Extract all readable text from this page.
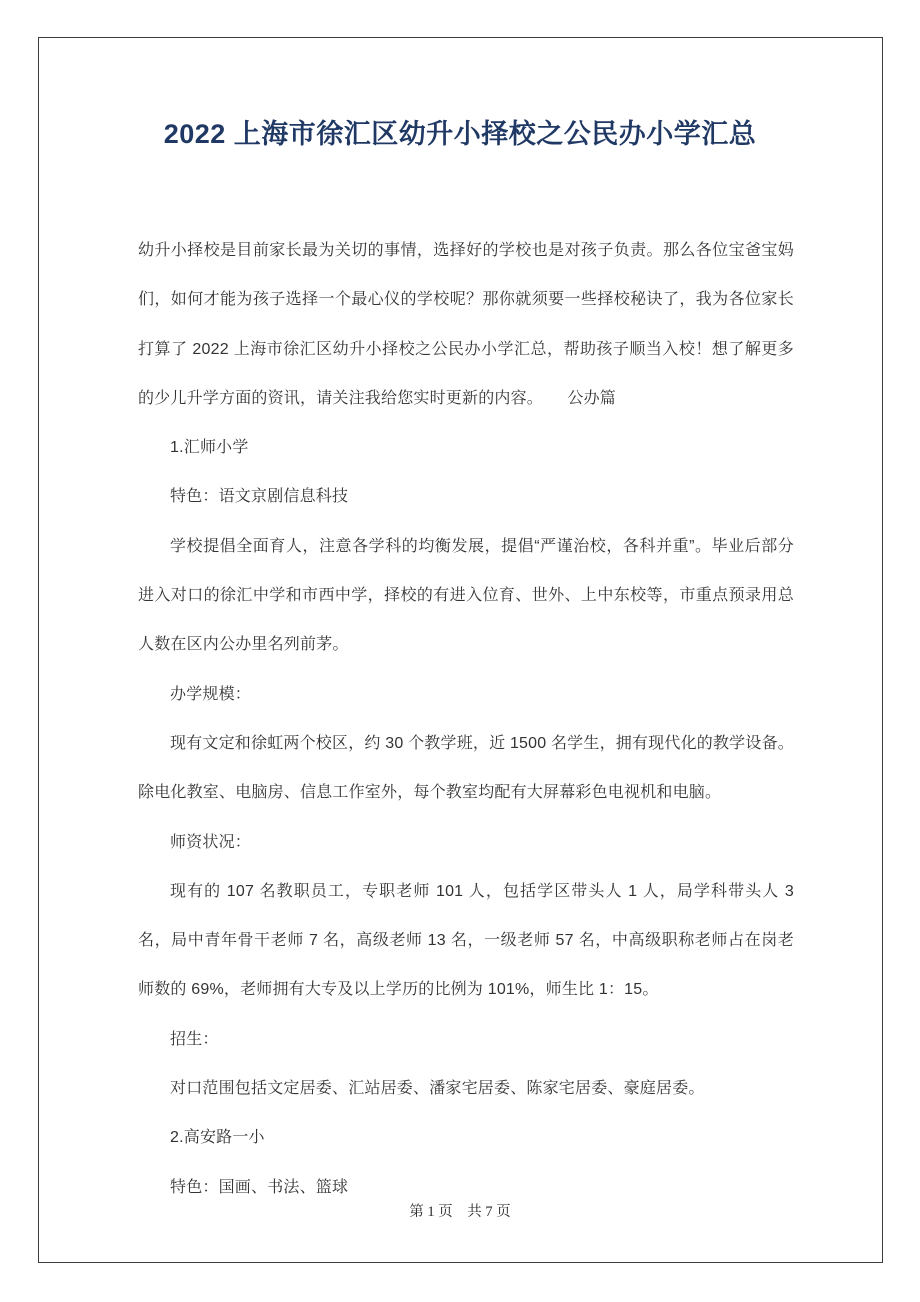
2022 上海市徐汇区幼升小择校之公民办小学汇总

幼升小择校是目前家长最为关切的事情，选择好的学校也是对孩子负责。那么各位宝爸宝妈们，如何才能为孩子选择一个最心仪的学校呢？那你就须要一些择校秘诀了，我为各位家长打算了 2022 上海市徐汇区幼升小择校之公民办小学汇总，帮助孩子顺当入校！想了解更多的少儿升学方面的资讯，请关注我给您实时更新的内容。　　公办篇

1.汇师小学

特色：语文京剧信息科技

学校提倡全面育人，注意各学科的均衡发展，提倡“严谨治校，各科并重”。毕业后部分进入对口的徐汇中学和市西中学，择校的有进入位育、世外、上中东校等，市重点预录用总人数在区内公办里名列前茅。

办学规模：

现有文定和徐虹两个校区，约 30 个教学班，近 1500 名学生，拥有现代化的教学设备。除电化教室、电脑房、信息工作室外，每个教室均配有大屏幕彩色电视机和电脑。

师资状况：

现有的 107 名教职员工，专职老师 101 人，包括学区带头人 1 人，局学科带头人 3 名，局中青年骨干老师 7 名，高级老师 13 名，一级老师 57 名，中高级职称老师占在岗老师数的 69%，老师拥有大专及以上学历的比例为 101%，师生比 1：15。

招生：

对口范围包括文定居委、汇站居委、潘家宅居委、陈家宅居委、豪庭居委。

2.高安路一小

特色：国画、书法、篮球

第 1 页　共 7 页
